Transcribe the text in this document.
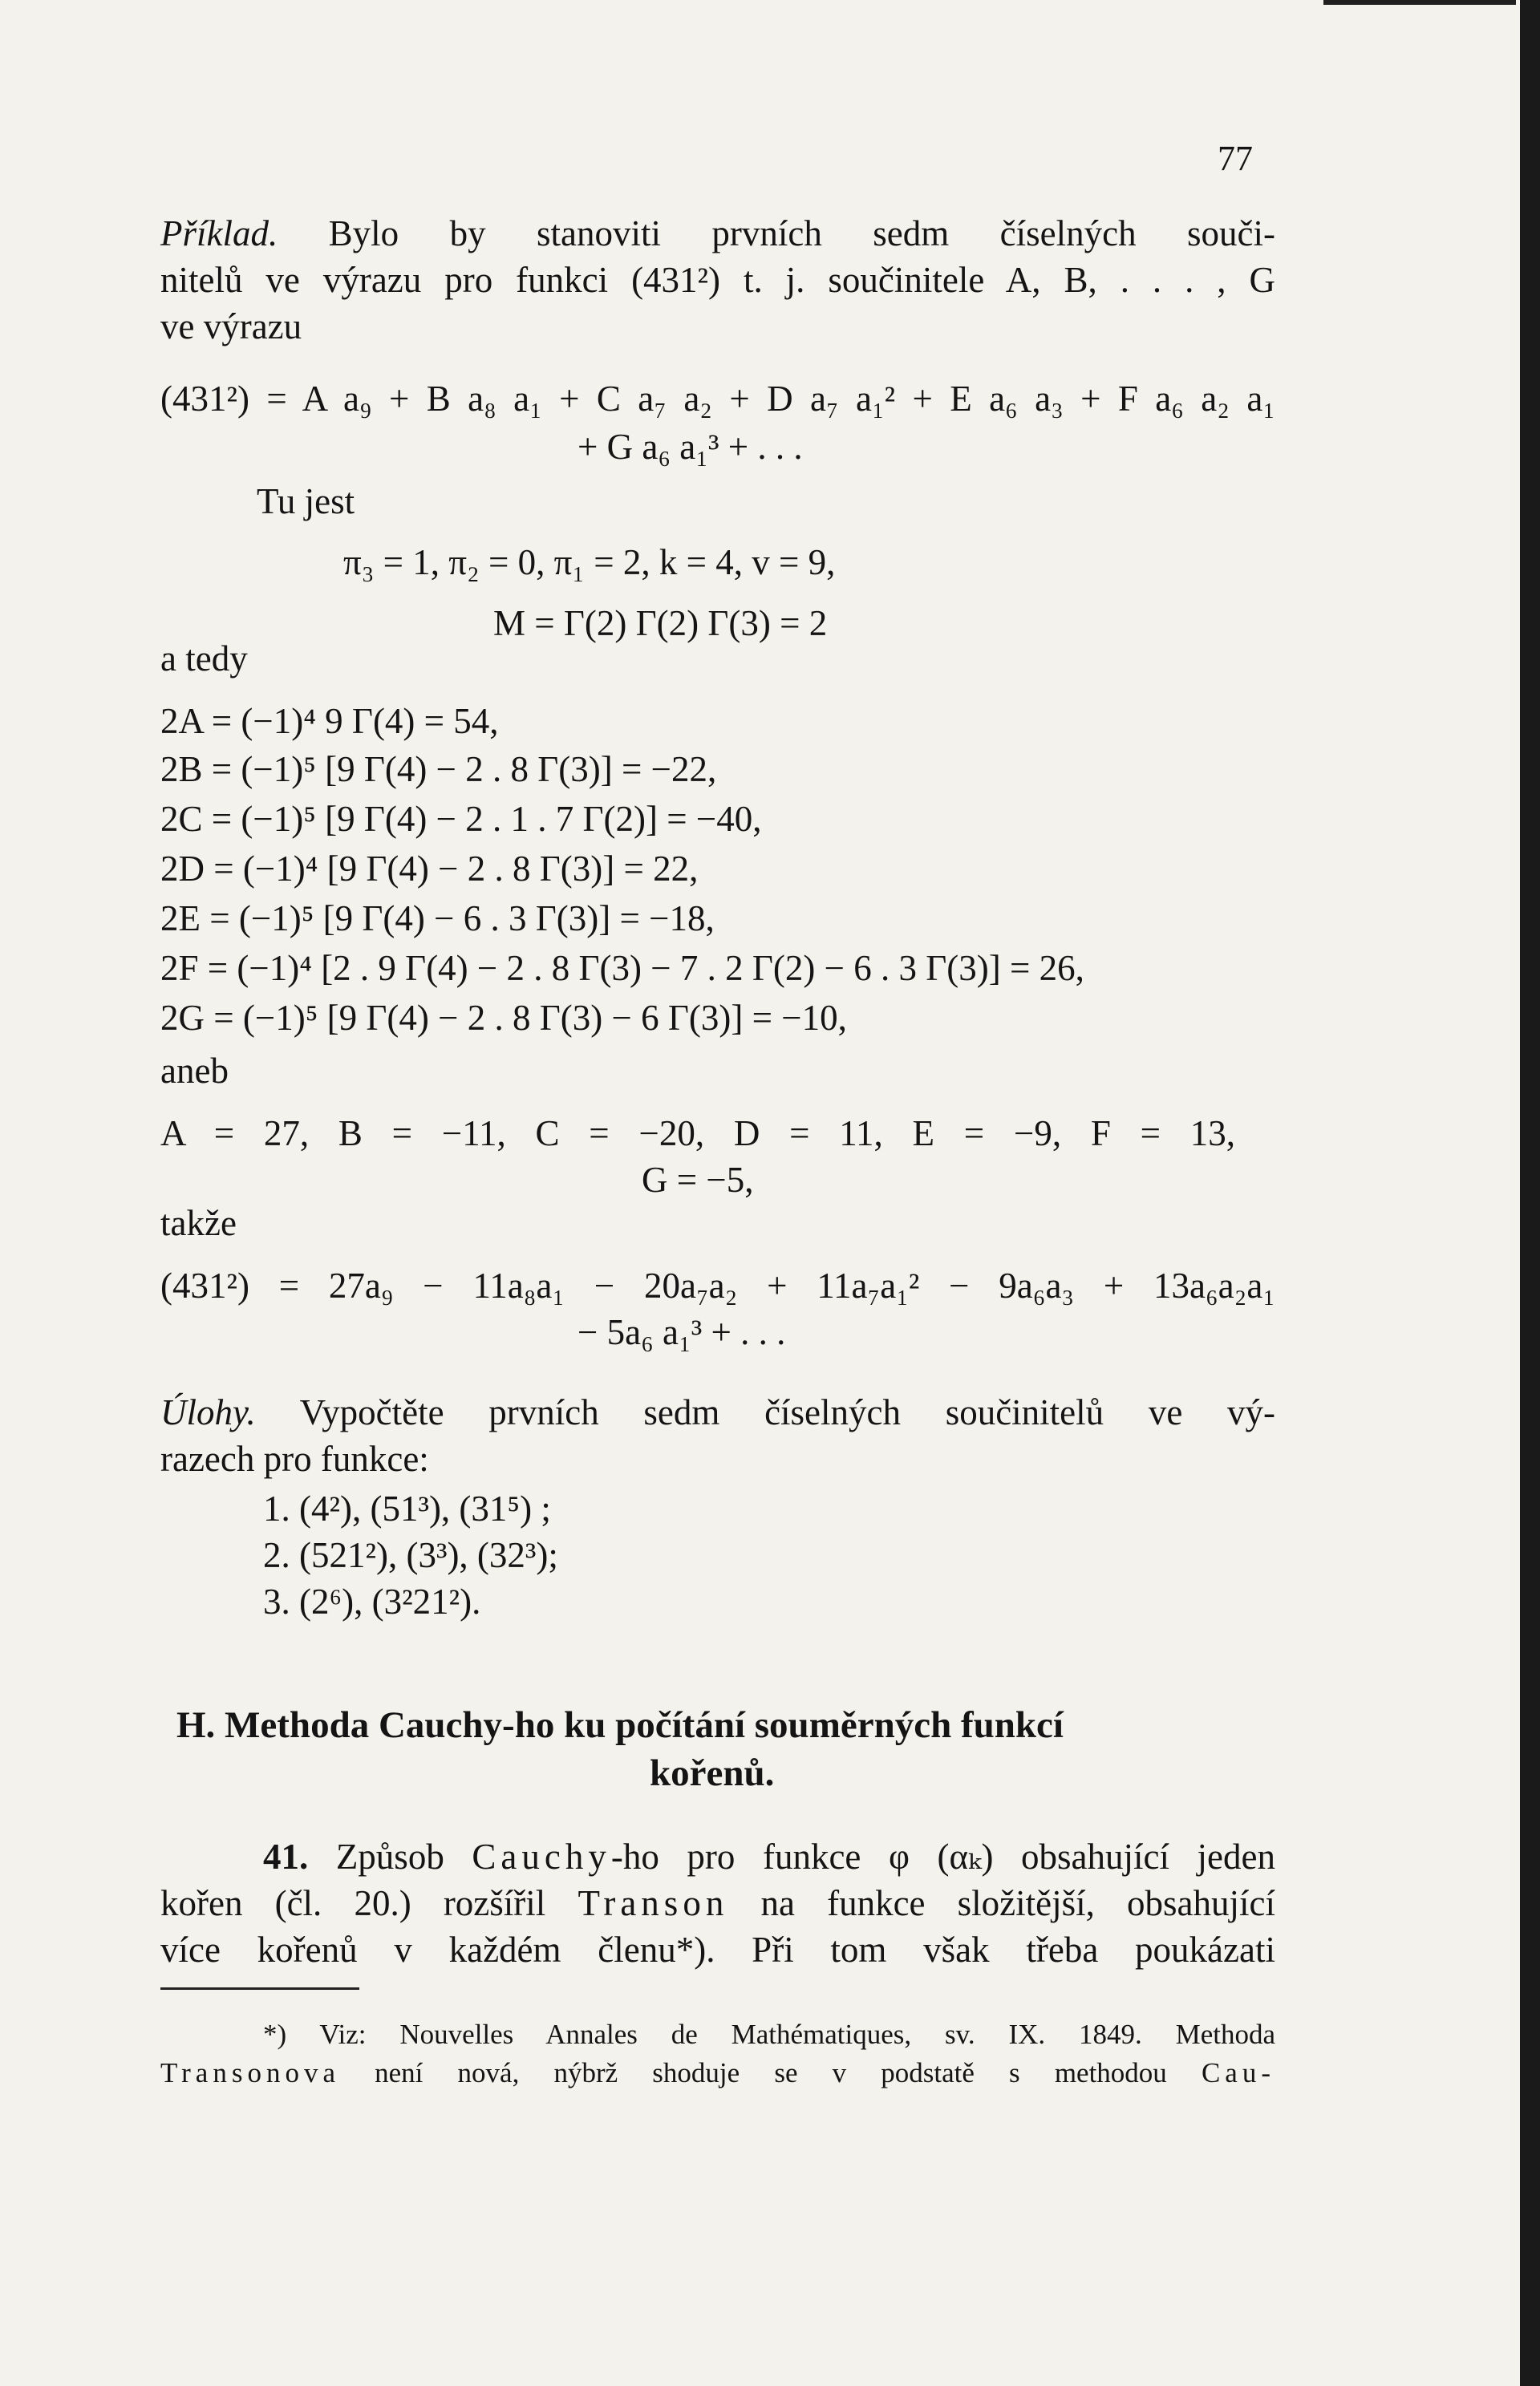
77
Příklad. Bylo by stanoviti prvních sedm číselných souči-
nitelů ve výrazu pro funkci (431²) t. j. součinitele A, B, . . . , G
ve výrazu
(431²) = A a₉ + B a₈ a₁ + C a₇ a₂ + D a₇ a₁² + E a₆ a₃ + F a₆ a₂ a₁
+ G a₆ a₁³ + . . .
Tu jest
π₃ = 1, π₂ = 0, π₁ = 2, k = 4, v = 9,
M = Γ(2) Γ(2) Γ(3) = 2
a tedy
2A = (−1)⁴ 9 Γ(4) = 54,
2B = (−1)⁵ [9 Γ(4) − 2 . 8 Γ(3)] = −22,
2C = (−1)⁵ [9 Γ(4) − 2 . 1 . 7 Γ(2)] = −40,
2D = (−1)⁴ [9 Γ(4) − 2 . 8 Γ(3)] = 22,
2E = (−1)⁵ [9 Γ(4) − 6 . 3 Γ(3)] = −18,
2F = (−1)⁴ [2 . 9 Γ(4) − 2 . 8 Γ(3) − 7 . 2 Γ(2) − 6 . 3 Γ(3)] = 26,
2G = (−1)⁵ [9 Γ(4) − 2 . 8 Γ(3) − 6 Γ(3)] = −10,
aneb
A = 27, B = −11, C = −20, D = 11, E = −9, F = 13,
G = −5,
takže
(431²) = 27a₉ − 11a₈a₁ − 20a₇a₂ + 11a₇a₁² − 9a₆a₃ + 13a₆a₂a₁
− 5a₆ a₁³ + . . .
Úlohy. Vypočtěte prvních sedm číselných součinitelů ve vý-
razech pro funkce:
1. (4²), (51³), (31⁵) ;
2. (521²), (3³), (32³);
3. (2⁶), (3²21²).
H. Methoda Cauchy-ho ku počítání souměrných funkcí
kořenů.
41. Způsob Cauchy-ho pro funkce φ (αₖ) obsahující jeden
kořen (čl. 20.) rozšířil Transon na funkce složitější, obsahující
více kořenů v každém členu*). Při tom však třeba poukázati
*) Viz: Nouvelles Annales de Mathématiques, sv. IX. 1849. Methoda
Transonova není nová, nýbrž shoduje se v podstatě s methodou Cau-
